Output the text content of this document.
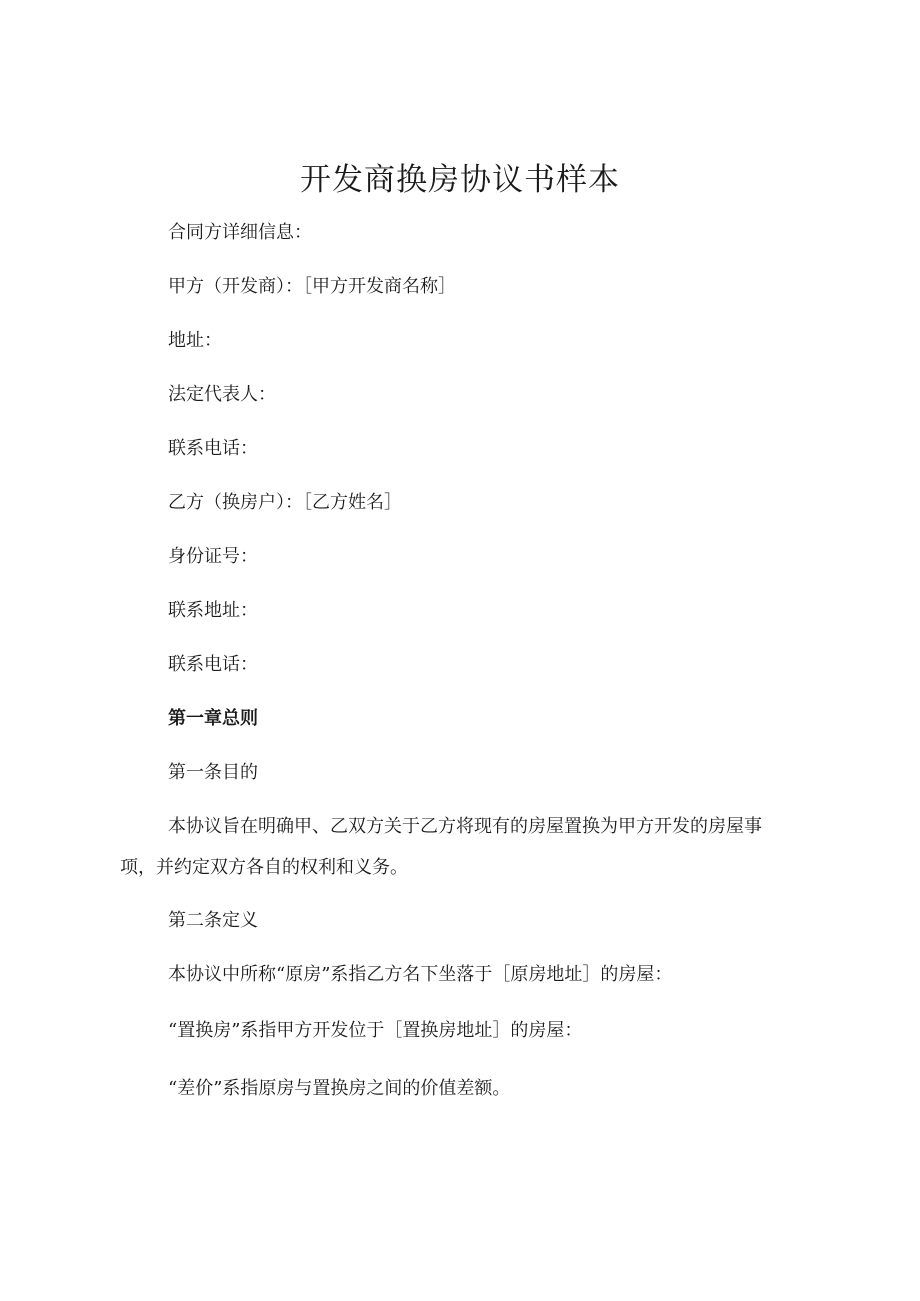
开发商换房协议书样本

合同方详细信息：

甲方（开发商）：［甲方开发商名称］

地址：

法定代表人：

联系电话：

乙方（换房户）：［乙方姓名］

身份证号：

联系地址：

联系电话：

第一章总则

第一条目的

本协议旨在明确甲、乙双方关于乙方将现有的房屋置换为甲方开发的房屋事项，并约定双方各自的权利和义务。

第二条定义

本协议中所称“原房”系指乙方名下坐落于［原房地址］的房屋：

“置换房”系指甲方开发位于［置换房地址］的房屋：

“差价”系指原房与置换房之间的价值差额。
